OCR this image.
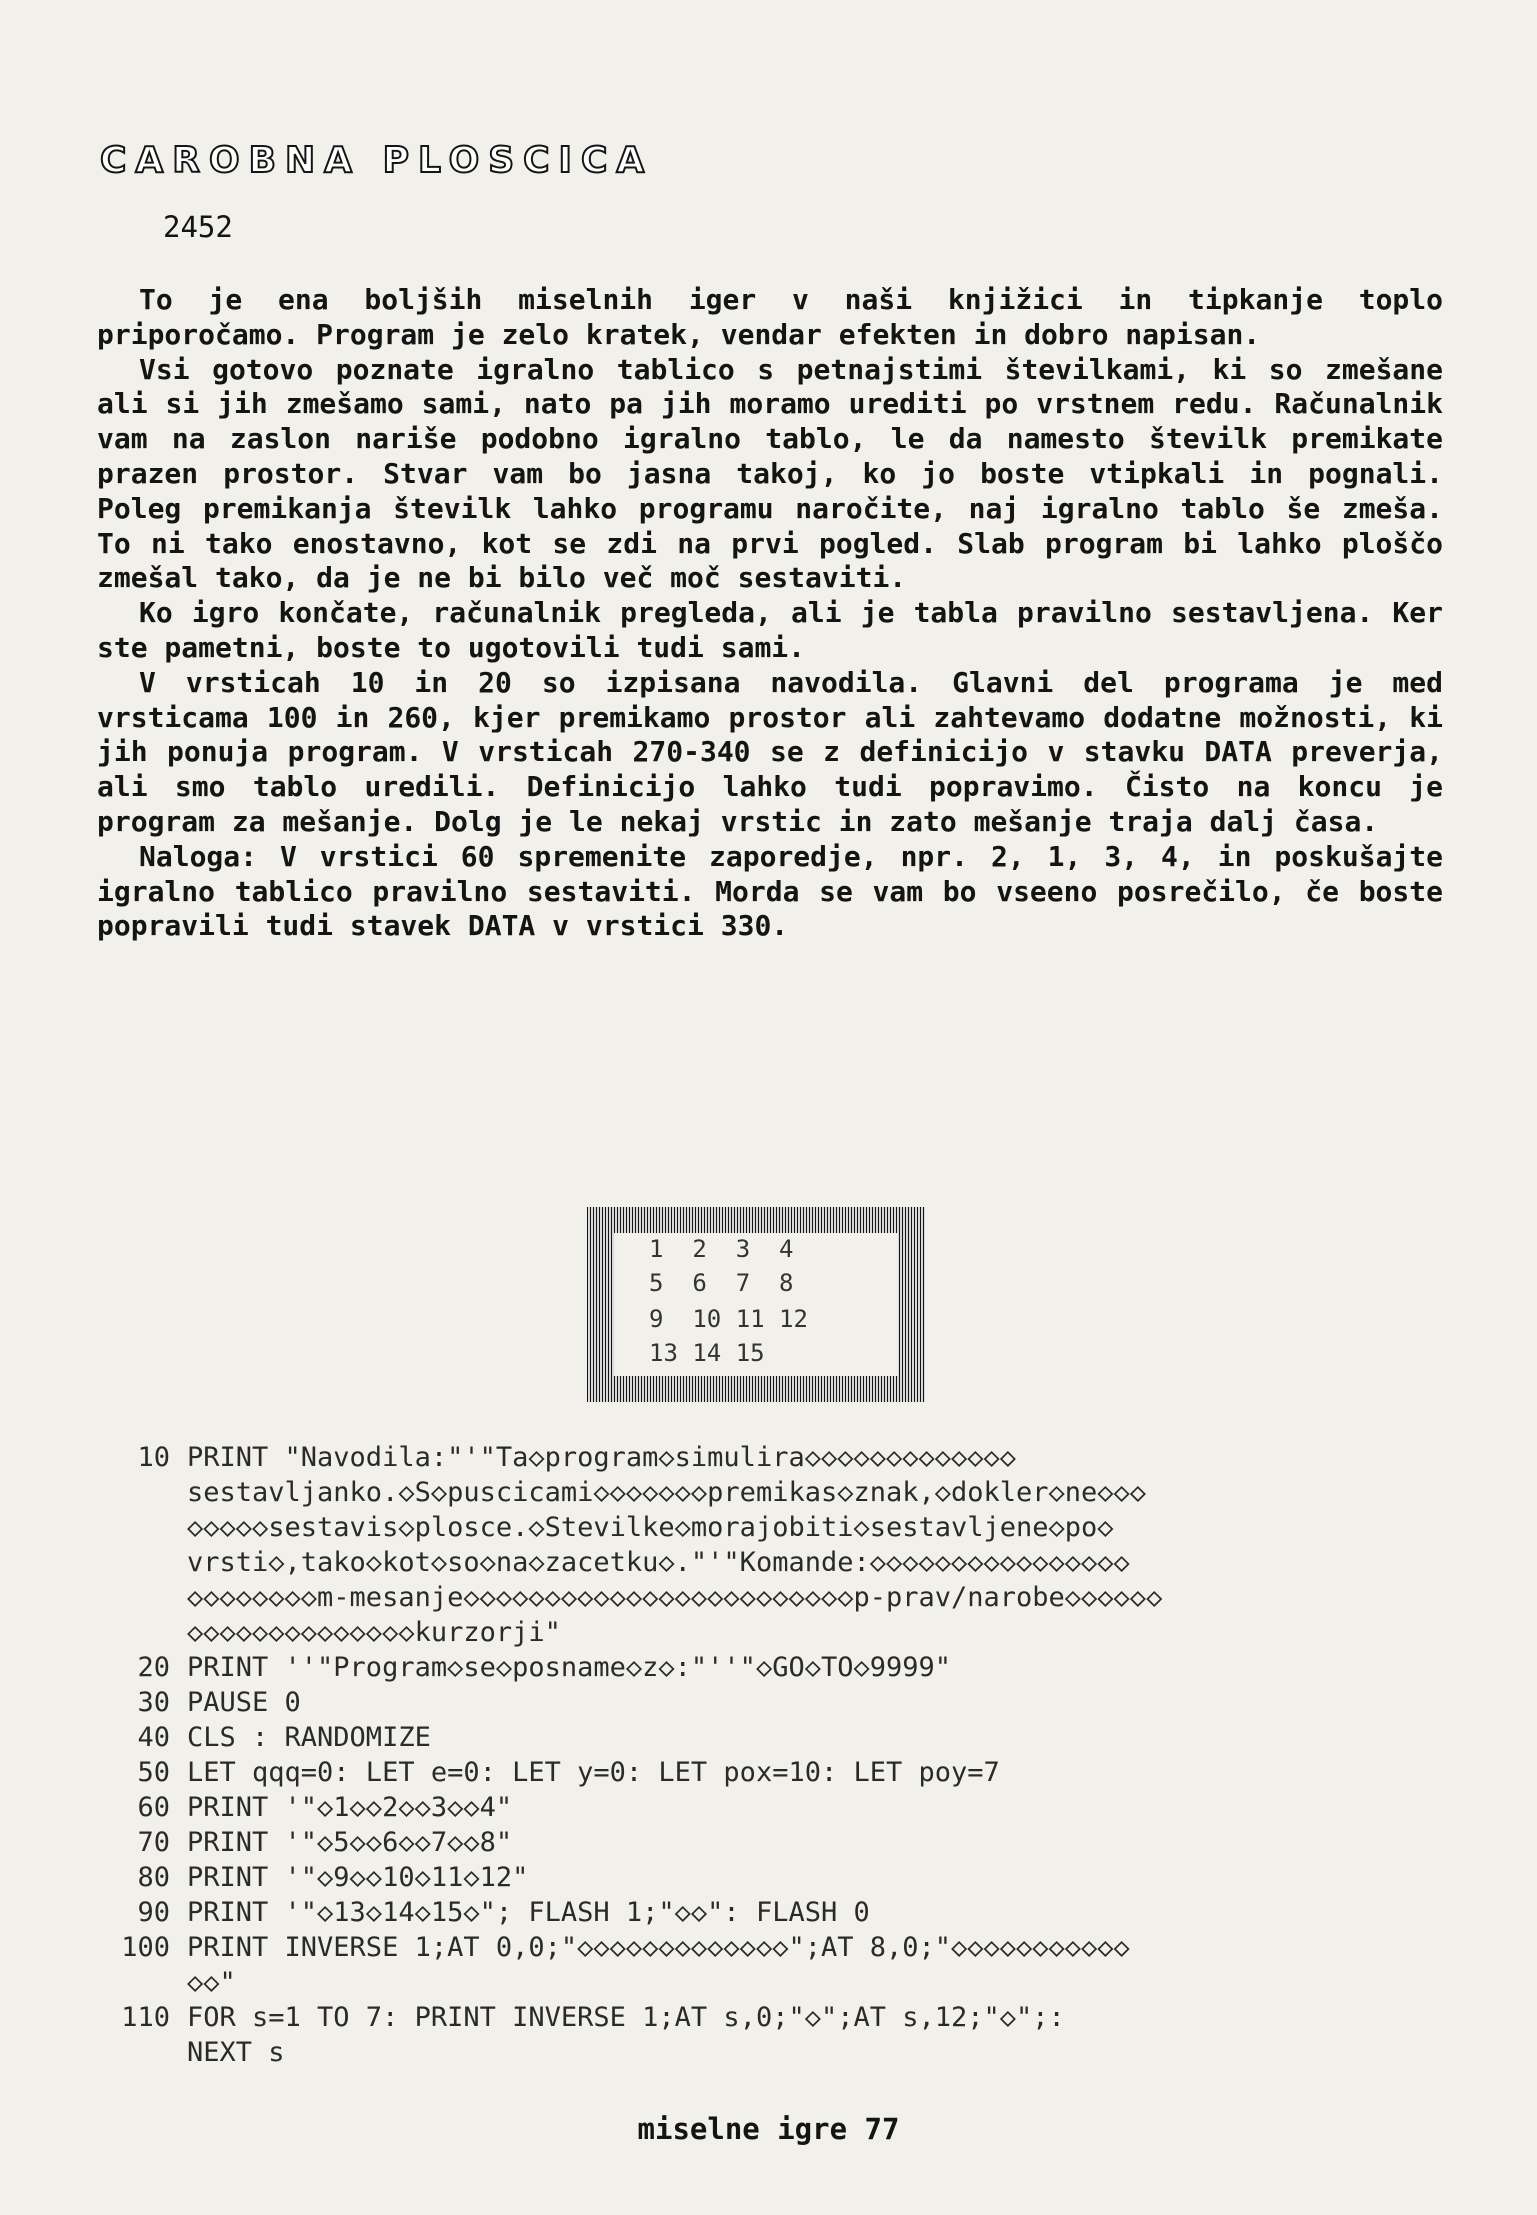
CAROBNA PLOSCICA
2452

To je ena boljših miselnih iger v naši knjižici in tipkanje toplo priporočamo. Program je zelo kratek, vendar efekten in dobro napisan.

Vsi gotovo poznate igralno tablico s petnajstimi številkami, ki so zmešane ali si jih zmešamo sami, nato pa jih moramo urediti po vrstnem redu. Računalnik vam na zaslon nariše podobno igralno tablo, le da namesto številk premikate prazen prostor. Stvar vam bo jasna takoj, ko jo boste vtipkali in pognali. Poleg premikanja številk lahko programu naročite, naj igralno tablo še zmeša. To ni tako enostavno, kot se zdi na prvi pogled. Slab program bi lahko ploščo zmešal tako, da je ne bi bilo več moč sestaviti.

Ko igro končate, računalnik pregleda, ali je tabla pravilno sestavljena. Ker ste pametni, boste to ugotovili tudi sami.

V vrsticah 10 in 20 so izpisana navodila. Glavni del programa je med vrsticama 100 in 260, kjer premikamo prostor ali zahtevamo dodatne možnosti, ki jih ponuja program. V vrsticah 270-340 se z definicijo v stavku DATA preverja, ali smo tablo uredili. Definicijo lahko tudi popravimo. Čisto na koncu je program za mešanje. Dolg je le nekaj vrstic in zato mešanje traja dalj časa.

Naloga: V vrstici 60 spremenite zaporedje, npr. 2, 1, 3, 4, in poskušajte igralno tablico pravilno sestaviti. Morda se vam bo vseeno posrečilo, če boste popravili tudi stavek DATA v vrstici 330.

1  2  3  4
5  6  7  8
9  10 11 12
13 14 15
10 PRINT "Navodila:"'"Ta◇program◇simulira◇◇◇◇◇◇◇◇◇◇◇◇◇
sestavljanko.◇S◇puscicami◇◇◇◇◇◇◇premikas◇znak,◇dokler◇ne◇◇◇
◇◇◇◇◇sestavis◇plosce.◇Stevilke◇morajobiti◇sestavljene◇po◇
vrsti◇,tako◇kot◇so◇na◇zacetku◇."'"Komande:◇◇◇◇◇◇◇◇◇◇◇◇◇◇◇◇
◇◇◇◇◇◇◇◇m-mesanje◇◇◇◇◇◇◇◇◇◇◇◇◇◇◇◇◇◇◇◇◇◇◇◇p-prav/narobe◇◇◇◇◇◇
◇◇◇◇◇◇◇◇◇◇◇◇◇◇kurzorji"
20 PRINT ''"Program◇se◇posname◇z◇:"''"◇GO◇TO◇9999"
30 PAUSE 0
40 CLS : RANDOMIZE
50 LET qqq=0: LET e=0: LET y=0: LET pox=10: LET poy=7
60 PRINT '"◇1◇◇2◇◇3◇◇4"
70 PRINT '"◇5◇◇6◇◇7◇◇8"
80 PRINT '"◇9◇◇10◇11◇12"
90 PRINT '"◇13◇14◇15◇"; FLASH 1;"◇◇": FLASH 0
100 PRINT INVERSE 1;AT 0,0;"◇◇◇◇◇◇◇◇◇◇◇◇◇";AT 8,0;"◇◇◇◇◇◇◇◇◇◇◇
◇◇"
110 FOR s=1 TO 7: PRINT INVERSE 1;AT s,0;"◇";AT s,12;"◇";:
NEXT s
miselne igre 77
